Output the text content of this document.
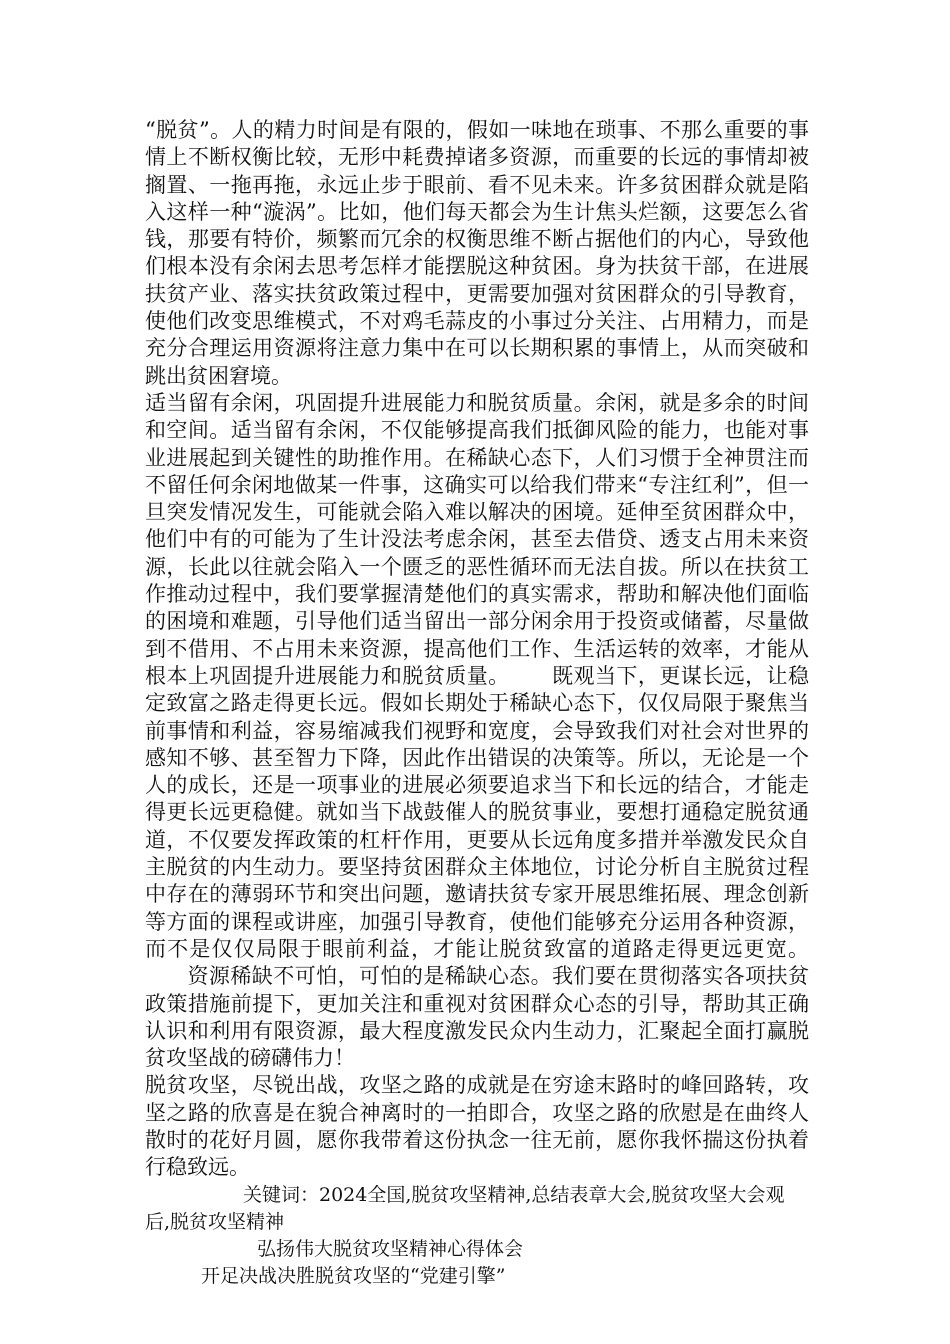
“脱贫”。人的精力时间是有限的，假如一味地在琐事、不那么重要的事情上不断权衡比较，无形中耗费掉诸多资源，而重要的长远的事情却被搁置、一拖再拖，永远止步于眼前、看不见未来。许多贫困群众就是陷入这样一种“漩涡”。比如，他们每天都会为生计焦头烂额，这要怎么省钱，那要有特价，频繁而冗余的权衡思维不断占据他们的内心，导致他们根本没有余闲去思考怎样才能摆脱这种贫困。身为扶贫干部，在进展扶贫产业、落实扶贫政策过程中，更需要加强对贫困群众的引导教育，使他们改变思维模式，不对鸡毛蒜皮的小事过分关注、占用精力，而是充分合理运用资源将注意力集中在可以长期积累的事情上，从而突破和跳出贫困窘境。
适当留有余闲，巩固提升进展能力和脱贫质量。余闲，就是多余的时间和空间。适当留有余闲，不仅能够提高我们抵御风险的能力，也能对事业进展起到关键性的助推作用。在稀缺心态下，人们习惯于全神贯注而不留任何余闲地做某一件事，这确实可以给我们带来“专注红利”，但一旦突发情况发生，可能就会陷入难以解决的困境。延伸至贫困群众中，他们中有的可能为了生计没法考虑余闲，甚至去借贷、透支占用未来资源，长此以往就会陷入一个匮乏的恶性循环而无法自拔。所以在扶贫工作推动过程中，我们要掌握清楚他们的真实需求，帮助和解决他们面临的困境和难题，引导他们适当留出一部分闲余用于投资或储蓄，尽量做到不借用、不占用未来资源，提高他们工作、生活运转的效率，才能从根本上巩固提升进展能力和脱贫质量。 既观当下，更谋长远，让稳定致富之路走得更长远。假如长期处于稀缺心态下，仅仅局限于聚焦当前事情和利益，容易缩减我们视野和宽度，会导致我们对社会对世界的感知不够、甚至智力下降，因此作出错误的决策等。所以，无论是一个人的成长，还是一项事业的进展必须要追求当下和长远的结合，才能走得更长远更稳健。就如当下战鼓催人的脱贫事业，要想打通稳定脱贫通道，不仅要发挥政策的杠杆作用，更要从长远角度多措并举激发民众自主脱贫的内生动力。要坚持贫困群众主体地位，讨论分析自主脱贫过程中存在的薄弱环节和突出问题，邀请扶贫专家开展思维拓展、理念创新等方面的课程或讲座，加强引导教育，使他们能够充分运用各种资源，而不是仅仅局限于眼前利益，才能让脱贫致富的道路走得更远更宽。资源稀缺不可怕，可怕的是稀缺心态。我们要在贯彻落实各项扶贫政策措施前提下，更加关注和重视对贫困群众心态的引导，帮助其正确认识和利用有限资源，最大程度激发民众内生动力，汇聚起全面打赢脱贫攻坚战的磅礴伟力！
脱贫攻坚，尽锐出战，攻坚之路的成就是在穷途末路时的峰回路转，攻坚之路的欣喜是在貌合神离时的一拍即合，攻坚之路的欣慰是在曲终人散时的花好月圆，愿你我带着这份执念一往无前，愿你我怀揣这份执着行稳致远。

关键词：2024全国,脱贫攻坚精神,总结表章大会,脱贫攻坚大会观后,脱贫攻坚精神

弘扬伟大脱贫攻坚精神心得体会

开足决战决胜脱贫攻坚的“党建引擎”
